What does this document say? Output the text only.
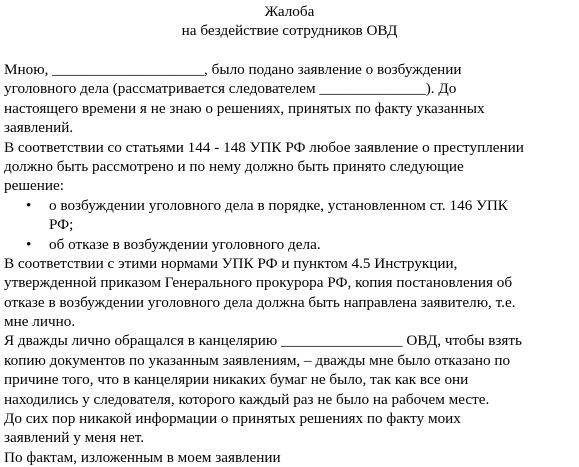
Жалоба
на бездействие сотрудников ОВД
Мною, ____________________, было подано заявление о возбуждении
уголовного дела (рассматривается следователем ______________). До
настоящего времени я не знаю о решениях, принятых по факту указанных
заявлений.
В соответствии со статьями 144 - 148 УПК РФ любое заявление о преступлении
должно быть рассмотрено и по нему должно быть принято следующие
решение:
• о возбуждении уголовного дела в порядке, установленном ст. 146 УПК
РФ;
• об отказе в возбуждении уголовного дела.
В соответствии с этими нормами УПК РФ и пунктом 4.5 Инструкции,
утвержденной приказом Генерального прокурора РФ, копия постановления об
отказе в возбуждении уголовного дела должна быть направлена заявителю, т.е.
мне лично.
Я дважды лично обращался в канцелярию ________________ ОВД, чтобы взять
копию документов по указанным заявлениям, – дважды мне было отказано по
причине того, что в канцелярии никаких бумаг не было, так как все они
находились у следователя, которого каждый раз не было на рабочем месте.
До сих пор никакой информации о принятых решениях по факту моих
заявлений у меня нет.
По фактам, изложенным в моем заявлении
